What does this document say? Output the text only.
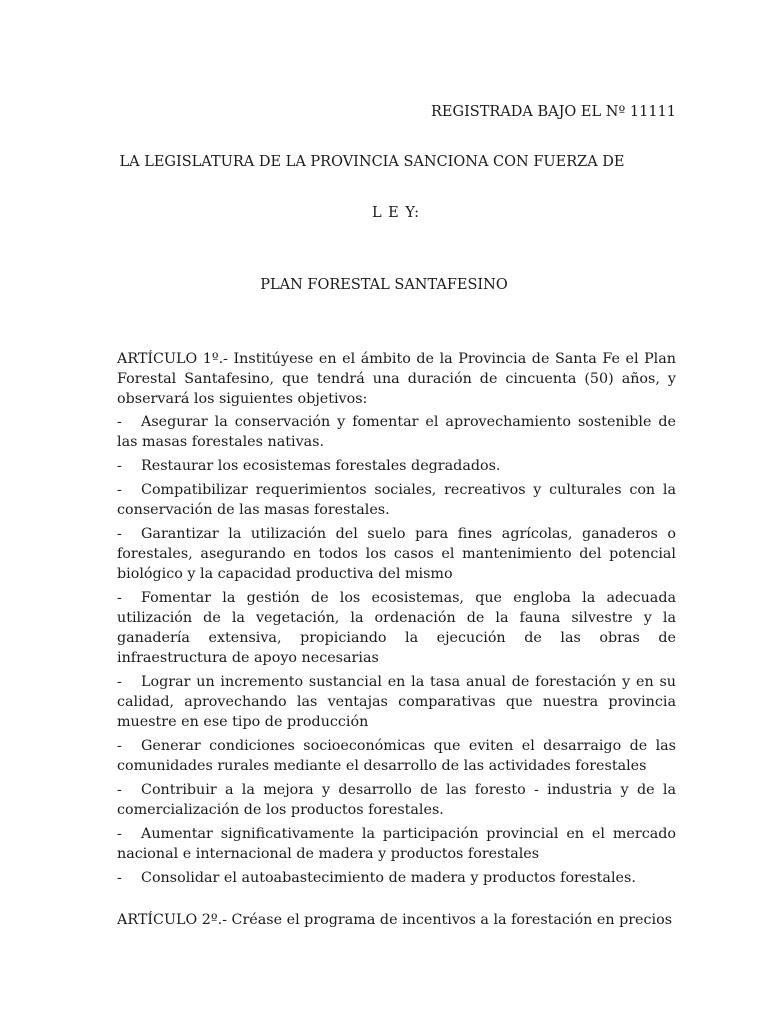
REGISTRADA BAJO EL Nº 11111
LA LEGISLATURA DE LA PROVINCIA SANCIONA CON FUERZA DE
L E Y:
PLAN FORESTAL SANTAFESINO

ARTÍCULO 1º.- Institúyese en el ámbito de la Provincia de Santa Fe el Plan Forestal Santafesino, que tendrá una duración de cincuenta (50) años, y observará los siguientes objetivos:

- Asegurar la conservación y fomentar el aprovechamiento sostenible de las masas forestales nativas.
- Restaurar los ecosistemas forestales degradados.
- Compatibilizar requerimientos sociales, recreativos y culturales con la conservación de las masas forestales.
- Garantizar la utilización del suelo para fines agrícolas, ganaderos o forestales, asegurando en todos los casos el mantenimiento del potencial biológico y la capacidad productiva del mismo
- Fomentar la gestión de los ecosistemas, que engloba la adecuada utilización de la vegetación, la ordenación de la fauna silvestre y la ganadería extensiva, propiciando la ejecución de las obras de infraestructura de apoyo necesarias
- Lograr un incremento sustancial en la tasa anual de forestación y en su calidad, aprovechando las ventajas comparativas que nuestra provincia muestre en ese tipo de producción
- Generar condiciones socioeconómicas que eviten el desarraigo de las comunidades rurales mediante el desarrollo de las actividades forestales
- Contribuir a la mejora y desarrollo de las foresto - industria y de la comercialización de los productos forestales.
- Aumentar significativamente la participación provincial en el mercado nacional e internacional de madera y productos forestales
- Consolidar el autoabastecimiento de madera y productos forestales.

ARTÍCULO 2º.- Créase el programa de incentivos a la forestación en precios
